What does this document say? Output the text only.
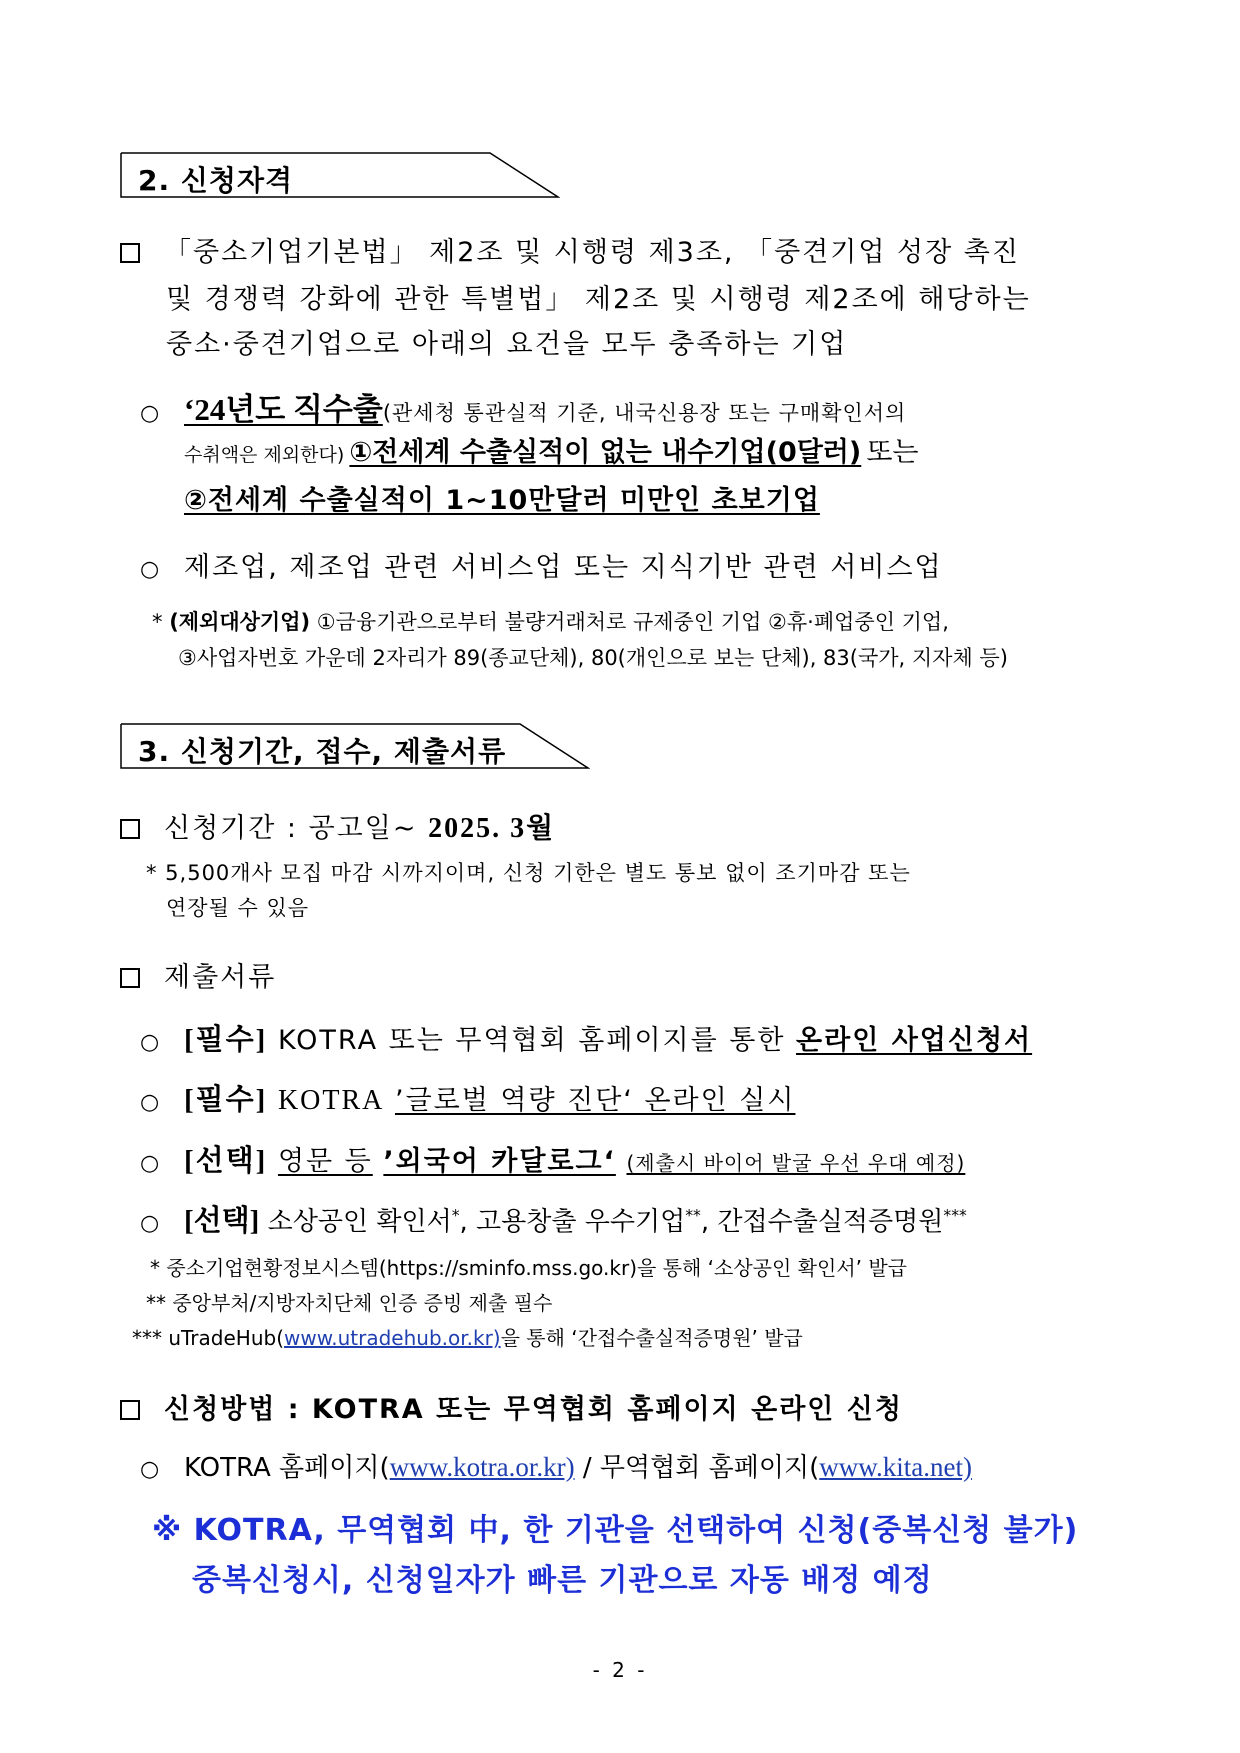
2. 신청자격
「중소기업기본법」 제2조 및 시행령 제3조, 「중견기업 성장 촉진
및 경쟁력 강화에 관한 특별법」 제2조 및 시행령 제2조에 해당하는
중소·중견기업으로 아래의 요건을 모두 충족하는 기업
○ ‘24년도 직수출(관세청 통관실적 기준, 내국신용장 또는 구매확인서의
수취액은 제외한다) ①전세계 수출실적이 없는 내수기업(0달러) 또는
②전세계 수출실적이 1~10만달러 미만인 초보기업
○ 제조업, 제조업 관련 서비스업 또는 지식기반 관련 서비스업
* (제외대상기업) ①금융기관으로부터 불량거래처로 규제중인 기업 ②휴·폐업중인 기업,
③사업자번호 가운데 2자리가 89(종교단체), 80(개인으로 보는 단체), 83(국가, 지자체 등)
3. 신청기간, 접수, 제출서류
신청기간 : 공고일~ 2025. 3월
* 5,500개사 모집 마감 시까지이며, 신청 기한은 별도 통보 없이 조기마감 또는
연장될 수 있음
제출서류
○ [필수] KOTRA 또는 무역협회 홈페이지를 통한 온라인 사업신청서
○ [필수] KOTRA ’글로벌 역량 진단‘ 온라인 실시
○ [선택] 영문 등 ’외국어 카달로그‘ (제출시 바이어 발굴 우선 우대 예정)
○ [선택] 소상공인 확인서*, 고용창출 우수기업**, 간접수출실적증명원***
* 중소기업현황정보시스템(https://sminfo.mss.go.kr)을 통해 ‘소상공인 확인서’ 발급
** 중앙부처/지방자치단체 인증 증빙 제출 필수
*** uTradeHub(www.utradehub.or.kr)을 통해 ‘간접수출실적증명원’ 발급
신청방법 : KOTRA 또는 무역협회 홈페이지 온라인 신청
○ KOTRA 홈페이지(www.kotra.or.kr) / 무역협회 홈페이지(www.kita.net)
※ KOTRA, 무역협회 中, 한 기관을 선택하여 신청(중복신청 불가)
중복신청시, 신청일자가 빠른 기관으로 자동 배정 예정
- 2 -
